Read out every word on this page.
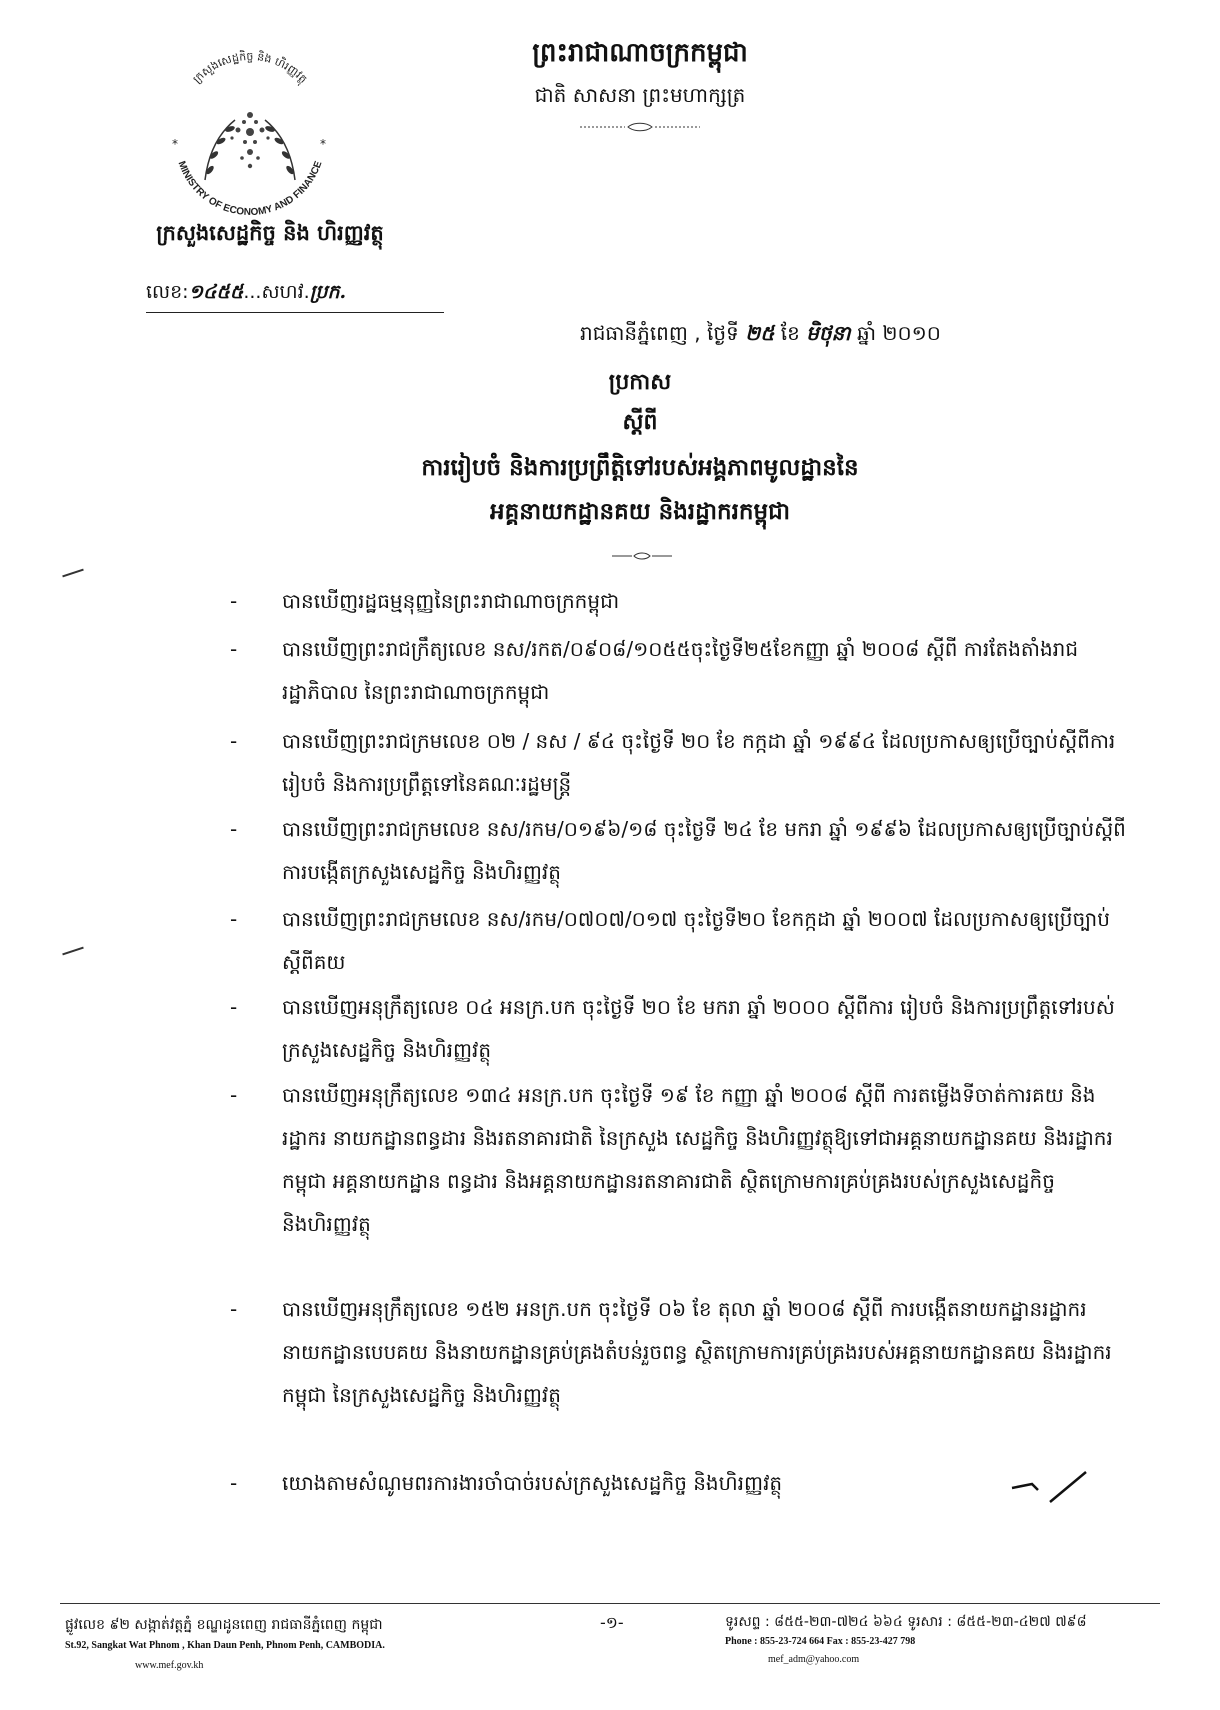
ព្រះរាជាណាចក្រកម្ពុជា
ជាតិ សាសនា ព្រះមហាក្សត្រ
ក្រសួងសេដ្ឋកិច្ច និង ហិរញ្ញវត្ថុ
MINISTRY OF ECONOMY AND FINANCE
*	*
ក្រសួងសេដ្ឋកិច្ច និង ហិរញ្ញវត្ថុ
លេខ:១៤៥៥...សហវ.ប្រក.
រាជធានីភ្នំពេញ , ថ្ងៃទី ២៥ ខែ មិថុនា ឆ្នាំ ២០១០
ប្រកាស
ស្តីពី
ការរៀបចំ និងការប្រព្រឹត្តិទៅរបស់អង្គភាពមូលដ្ឋាននៃ
អគ្គនាយកដ្ឋានគយ និងរដ្ឋាករកម្ពុជា
-	បានឃើញរដ្ឋធម្មនុញ្ញនៃព្រះរាជាណាចក្រកម្ពុជា
-	បានឃើញព្រះរាជក្រឹត្យលេខ នស/រកត/០៩០៨/១០៥៥ចុះថ្ងៃទី២៥ខែកញ្ញា ឆ្នាំ ២០០៨ ស្តីពី ការតែងតាំងរាជរដ្ឋាភិបាល នៃព្រះរាជាណាចក្រកម្ពុជា
-	បានឃើញព្រះរាជក្រមលេខ ០២ / នស / ៩៤ ចុះថ្ងៃទី ២០ ខែ កក្កដា ឆ្នាំ ១៩៩៤ ដែលប្រកាសឲ្យប្រើច្បាប់ស្តីពីការរៀបចំ និងការប្រព្រឹត្តទៅនៃគណៈរដ្ឋមន្ត្រី
-	បានឃើញព្រះរាជក្រមលេខ នស/រកម/០១៩៦/១៨ ចុះថ្ងៃទី ២៤ ខែ មករា ឆ្នាំ ១៩៩៦ ដែលប្រកាសឲ្យប្រើច្បាប់ស្តីពីការបង្កើតក្រសួងសេដ្ឋកិច្ច និងហិរញ្ញវត្ថុ
-	បានឃើញព្រះរាជក្រមលេខ នស/រកម/០៧០៧/០១៧ ចុះថ្ងៃទី២០ ខែកក្កដា ឆ្នាំ ២០០៧ ដែលប្រកាសឲ្យប្រើច្បាប់ស្តីពីគយ
-	បានឃើញអនុក្រឹត្យលេខ ០៤ អនក្រ.បក ចុះថ្ងៃទី ២០ ខែ មករា ឆ្នាំ ២០០០ ស្តីពីការ រៀបចំ និងការប្រព្រឹត្តទៅរបស់ក្រសួងសេដ្ឋកិច្ច និងហិរញ្ញវត្ថុ
-	បានឃើញអនុក្រឹត្យលេខ ១៣៤ អនក្រ.បក ចុះថ្ងៃទី ១៩ ខែ កញ្ញា ឆ្នាំ ២០០៨ ស្តីពី ការតម្លើងទីចាត់ការគយ និងរដ្ឋាករ នាយកដ្ឋានពន្ធដារ និងរតនាគារជាតិ នៃក្រសួង សេដ្ឋកិច្ច និងហិរញ្ញវត្ថុឱ្យទៅជាអគ្គនាយកដ្ឋានគយ និងរដ្ឋាករកម្ពុជា អគ្គនាយកដ្ឋាន ពន្ធដារ និងអគ្គនាយកដ្ឋានរតនាគារជាតិ ស្ថិតក្រោមការគ្រប់គ្រងរបស់ក្រសួងសេដ្ឋកិច្ច និងហិរញ្ញវត្ថុ
-	បានឃើញអនុក្រឹត្យលេខ ១៥២ អនក្រ.បក ចុះថ្ងៃទី ០៦ ខែ តុលា ឆ្នាំ ២០០៨ ស្តីពី ការបង្កើតនាយកដ្ឋានរដ្ឋាករ នាយកដ្ឋានបេបគយ និងនាយកដ្ឋានគ្រប់គ្រងតំបន់រួចពន្ធ ស្ថិតក្រោមការគ្រប់គ្រងរបស់អគ្គនាយកដ្ឋានគយ និងរដ្ឋាករកម្ពុជា នៃក្រសួងសេដ្ឋកិច្ច និងហិរញ្ញវត្ថុ
-	យោងតាមសំណូមពរការងារចាំបាច់របស់ក្រសួងសេដ្ឋកិច្ច និងហិរញ្ញវត្ថុ
ផ្លូវលេខ ៩២ សង្កាត់វត្តភ្នំ ខណ្ឌដូនពេញ រាជធានីភ្នំពេញ កម្ពុជា
St.92, Sangkat Wat Phnom , Khan Daun Penh, Phnom Penh, CAMBODIA.
www.mef.gov.kh
-១-	ទូរសព្ទ : ៨៥៥-២៣-៧២៤ ៦៦៤ ទូរសារ : ៨៥៥-២៣-៤២៧ ៧៩៨
Phone : 855-23-724 664 Fax : 855-23-427 798
mef_adm@yahoo.com
